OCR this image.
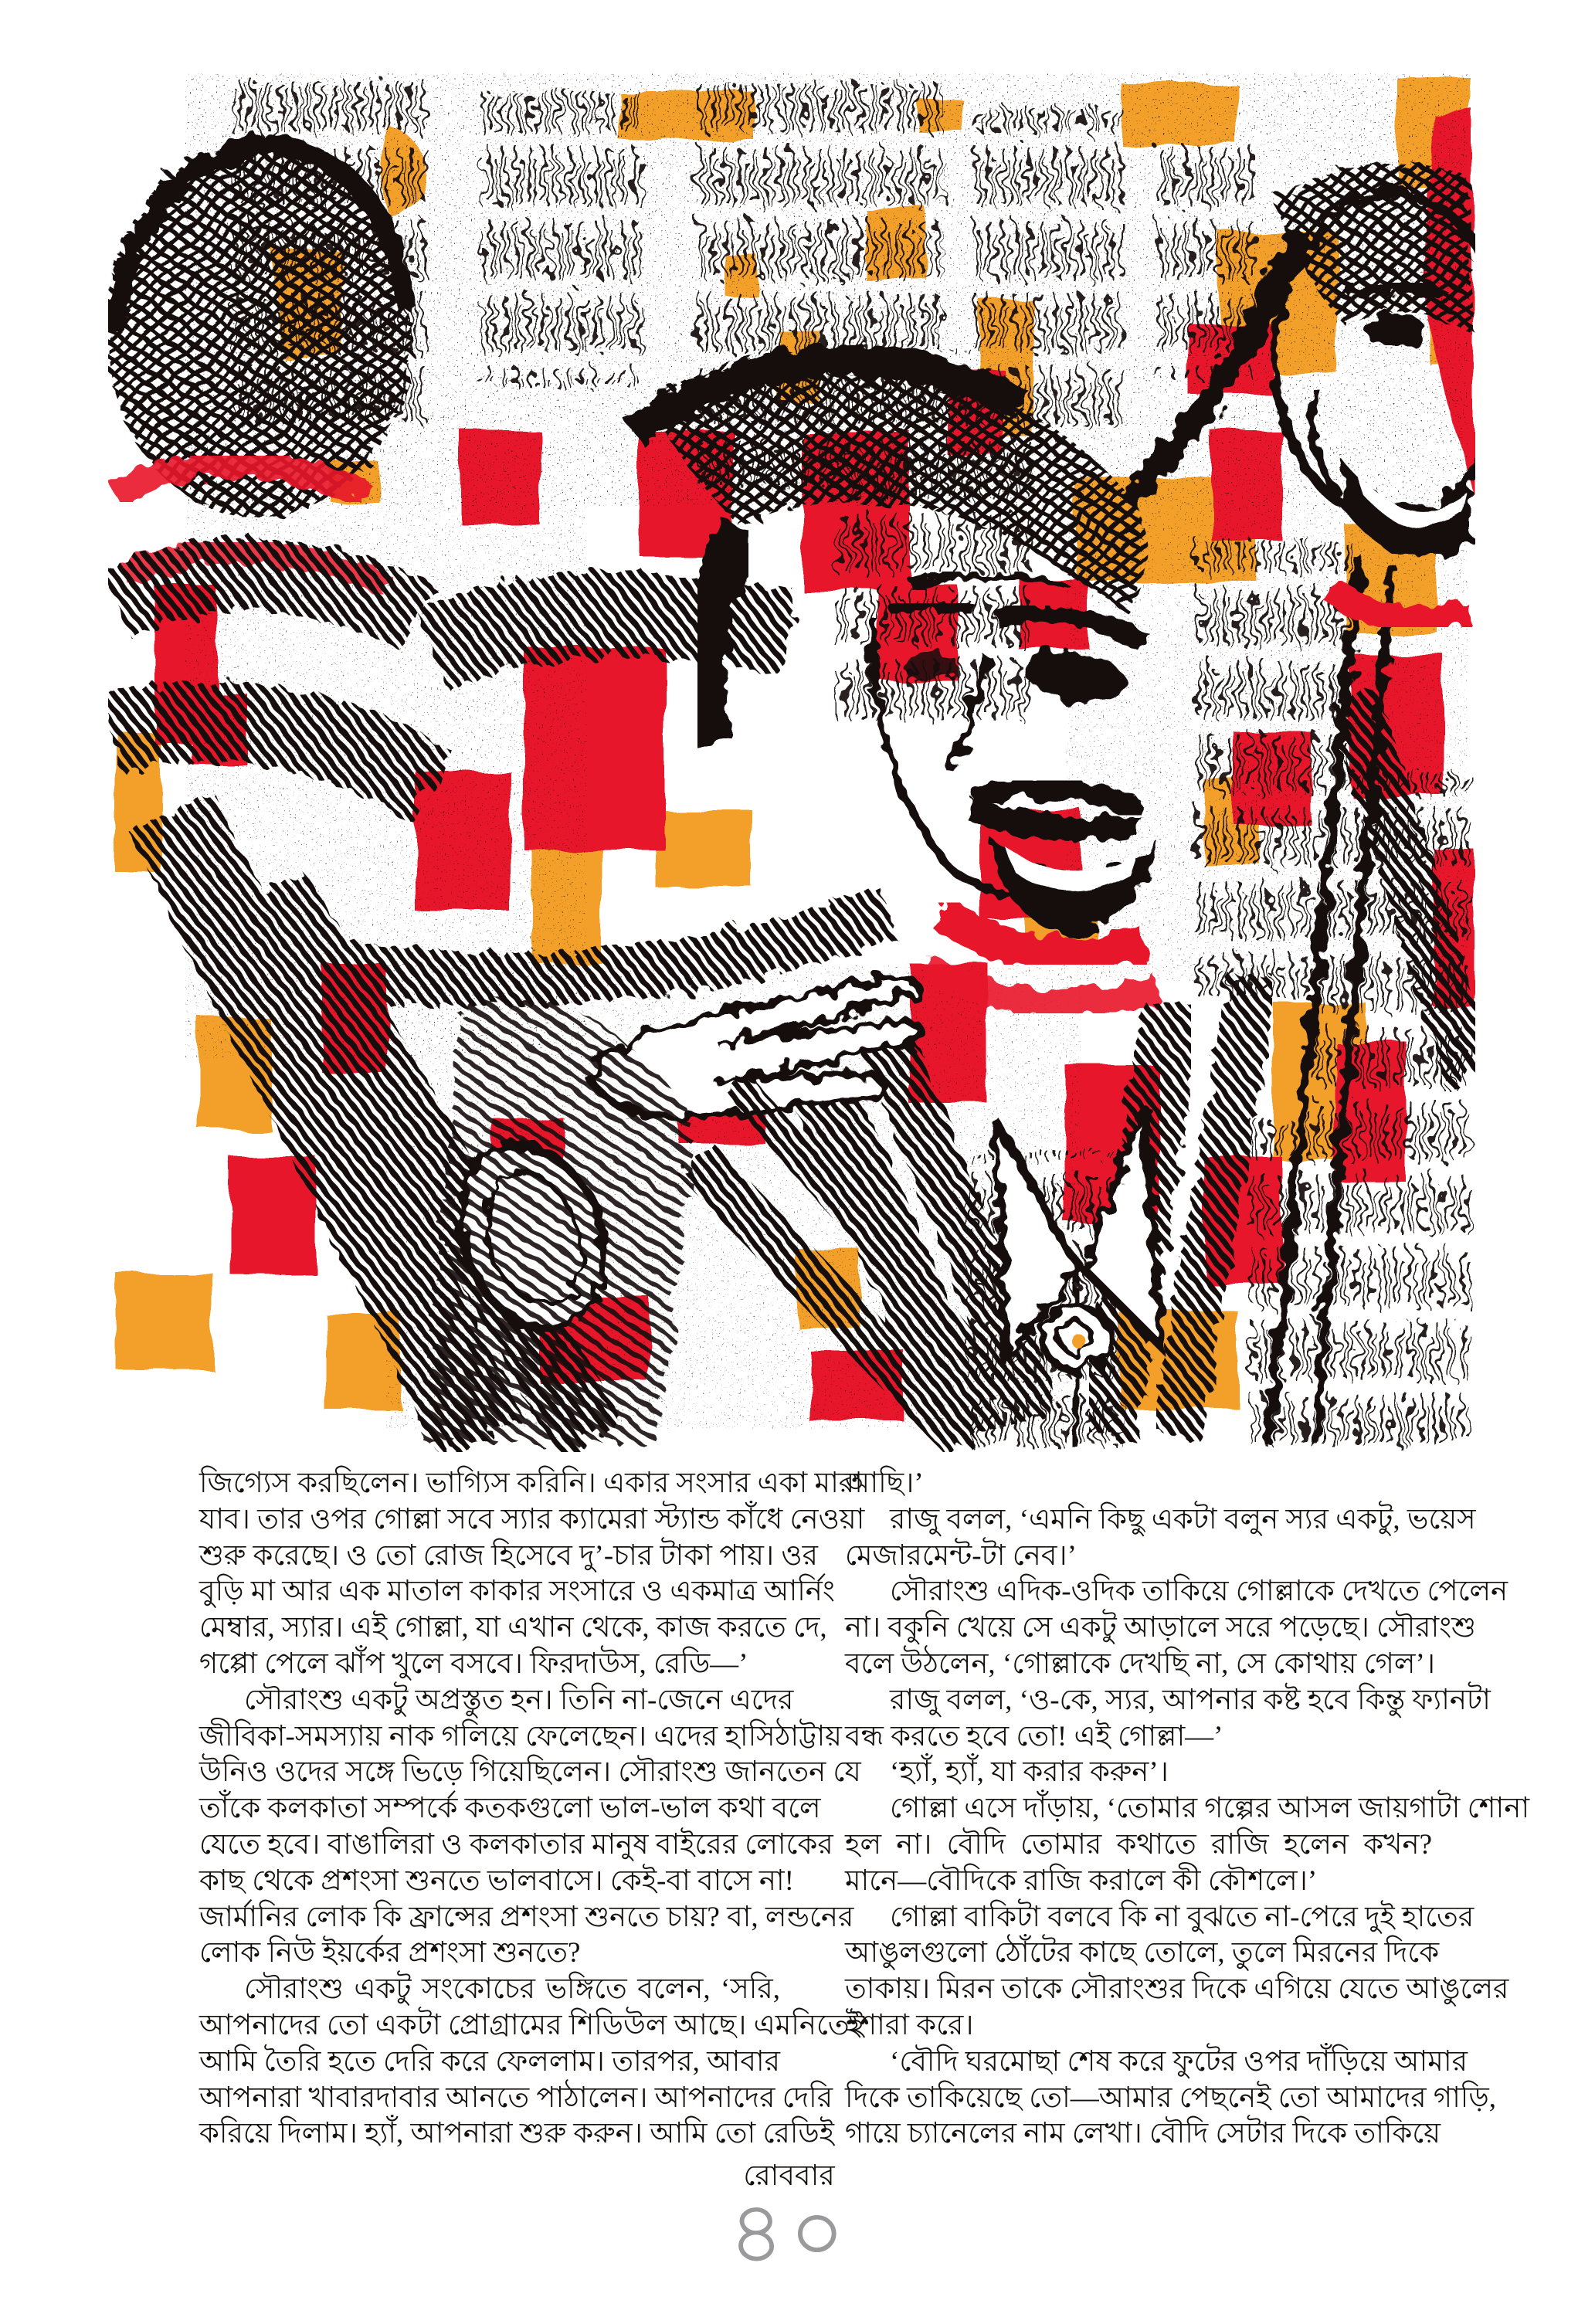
জিগ্যেস করছিলেন। ভাগ্যিস করিনি। একার সংসার একা মারা
যাব। তার ওপর গোল্লা সবে স্যার ক্যামেরা স্ট্যান্ড কাঁধে নেওয়া
শুরু করেছে। ও তো রোজ হিসেবে দু’-চার টাকা পায়। ওর
বুড়ি মা আর এক মাতাল কাকার সংসারে ও একমাত্র আর্নিং
মেম্বার, স্যার। এই গোল্লা, যা এখান থেকে, কাজ করতে দে,
গপ্পো পেলে ঝাঁপ খুলে বসবে। ফিরদাউস, রেডি—’
সৌরাংশু একটু অপ্রস্তুত হন। তিনি না-জেনে এদের
জীবিকা-সমস্যায় নাক গলিয়ে ফেলেছেন। এদের হাসিঠাট্টায়
উনিও ওদের সঙ্গে ভিড়ে গিয়েছিলেন। সৌরাংশু জানতেন যে
তাঁকে কলকাতা সম্পর্কে কতকগুলো ভাল-ভাল কথা বলে
যেতে হবে। বাঙালিরা ও কলকাতার মানুষ বাইরের লোকের
কাছ থেকে প্রশংসা শুনতে ভালবাসে। কেই-বা বাসে না!
জার্মানির লোক কি ফ্রান্সের প্রশংসা শুনতে চায়? বা, লন্ডনের
লোক নিউ ইয়র্কের প্রশংসা শুনতে?
সৌরাংশু একটু সংকোচের ভঙ্গিতে বলেন, ‘সরি,
আপনাদের তো একটা প্রোগ্রামের শিডিউল আছে। এমনিতেই
আমি তৈরি হতে দেরি করে ফেললাম। তারপর, আবার
আপনারা খাবারদাবার আনতে পাঠালেন। আপনাদের দেরি
করিয়ে দিলাম। হ্যাঁ, আপনারা শুরু করুন। আমি তো রেডিই
আছি।’
রাজু বলল, ‘এমনি কিছু একটা বলুন স্যর একটু, ভয়েস
মেজারমেন্ট-টা নেব।’
সৌরাংশু এদিক-ওদিক তাকিয়ে গোল্লাকে দেখতে পেলেন
না। বকুনি খেয়ে সে একটু আড়ালে সরে পড়েছে। সৌরাংশু
বলে উঠলেন, ‘গোল্লাকে দেখছি না, সে কোথায় গেল’।
রাজু বলল, ‘ও-কে, স্যর, আপনার কষ্ট হবে কিন্তু ফ্যানটা
বন্ধ করতে হবে তো! এই গোল্লা—’
‘হ্যাঁ, হ্যাঁ, যা করার করুন’।
গোল্লা এসে দাঁড়ায়, ‘তোমার গল্পের আসল জায়গাটা শোনা
হল না। বৌদি তোমার কথাতে রাজি হলেন কখন?
মানে—বৌদিকে রাজি করালে কী কৌশলে।’
গোল্লা বাকিটা বলবে কি না বুঝতে না-পেরে দুই হাতের
আঙুলগুলো ঠোঁটের কাছে তোলে, তুলে মিরনের দিকে
তাকায়। মিরন তাকে সৌরাংশুর দিকে এগিয়ে যেতে আঙুলের
ইশারা করে।
‘বৌদি ঘরমোছা শেষ করে ফুটের ওপর দাঁড়িয়ে আমার
দিকে তাকিয়েছে তো—আমার পেছনেই তো আমাদের গাড়ি,
গায়ে চ্যানেলের নাম লেখা। বৌদি সেটার দিকে তাকিয়ে
রোববার
৪০
